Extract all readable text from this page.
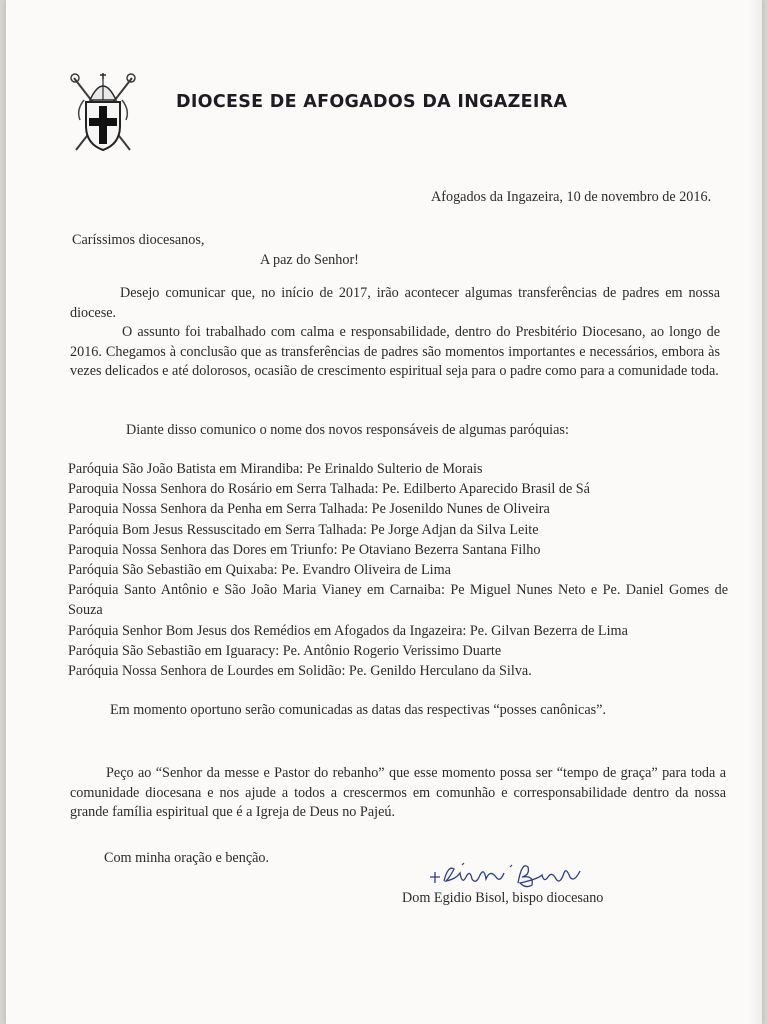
DIOCESE DE AFOGADOS DA INGAZEIRA
Afogados da Ingazeira, 10 de novembro de 2016.
Caríssimos diocesanos,
A paz do Senhor!
Desejo comunicar que, no início de 2017, irão acontecer algumas transferências de padres em nossa diocese.
O assunto foi trabalhado com calma e responsabilidade, dentro do Presbitério Diocesano, ao longo de 2016. Chegamos à conclusão que as transferências de padres são momentos importantes e necessários, embora às vezes delicados e até dolorosos, ocasião de crescimento espiritual seja para o padre como para a comunidade toda.
Diante disso comunico o nome dos novos responsáveis de algumas paróquias:
Paróquia São João Batista em Mirandiba: Pe Erinaldo Sulterio de Morais
Paroquia Nossa Senhora do Rosário em Serra Talhada: Pe. Edilberto Aparecido Brasil de Sá
Paroquia Nossa Senhora da Penha em Serra Talhada: Pe Josenildo Nunes de Oliveira
Paróquia Bom Jesus Ressuscitado em Serra Talhada: Pe Jorge Adjan da Silva Leite
Paroquia Nossa Senhora das Dores em Triunfo: Pe Otaviano Bezerra Santana Filho
Paróquia São Sebastião em Quixaba: Pe. Evandro Oliveira de Lima
Paróquia Santo Antônio e São João Maria Vianey em Carnaiba: Pe Miguel Nunes Neto e Pe. Daniel Gomes de Souza
Paróquia Senhor Bom Jesus dos Remédios em Afogados da Ingazeira: Pe. Gilvan Bezerra de Lima
Paróquia São Sebastião em Iguaracy: Pe. Antônio Rogerio Verissimo Duarte
Paróquia Nossa Senhora de Lourdes em Solidão: Pe. Genildo Herculano da Silva.
Em momento oportuno serão comunicadas as datas das respectivas “posses canônicas”.
Peço ao “Senhor da messe e Pastor do rebanho” que esse momento possa ser “tempo de graça” para toda a comunidade diocesana e nos ajude a todos a crescermos em comunhão e corresponsabilidade dentro da nossa grande família espiritual que é a Igreja de Deus no Pajeú.
Com minha oração e benção.
Dom Egidio Bisol, bispo diocesano
